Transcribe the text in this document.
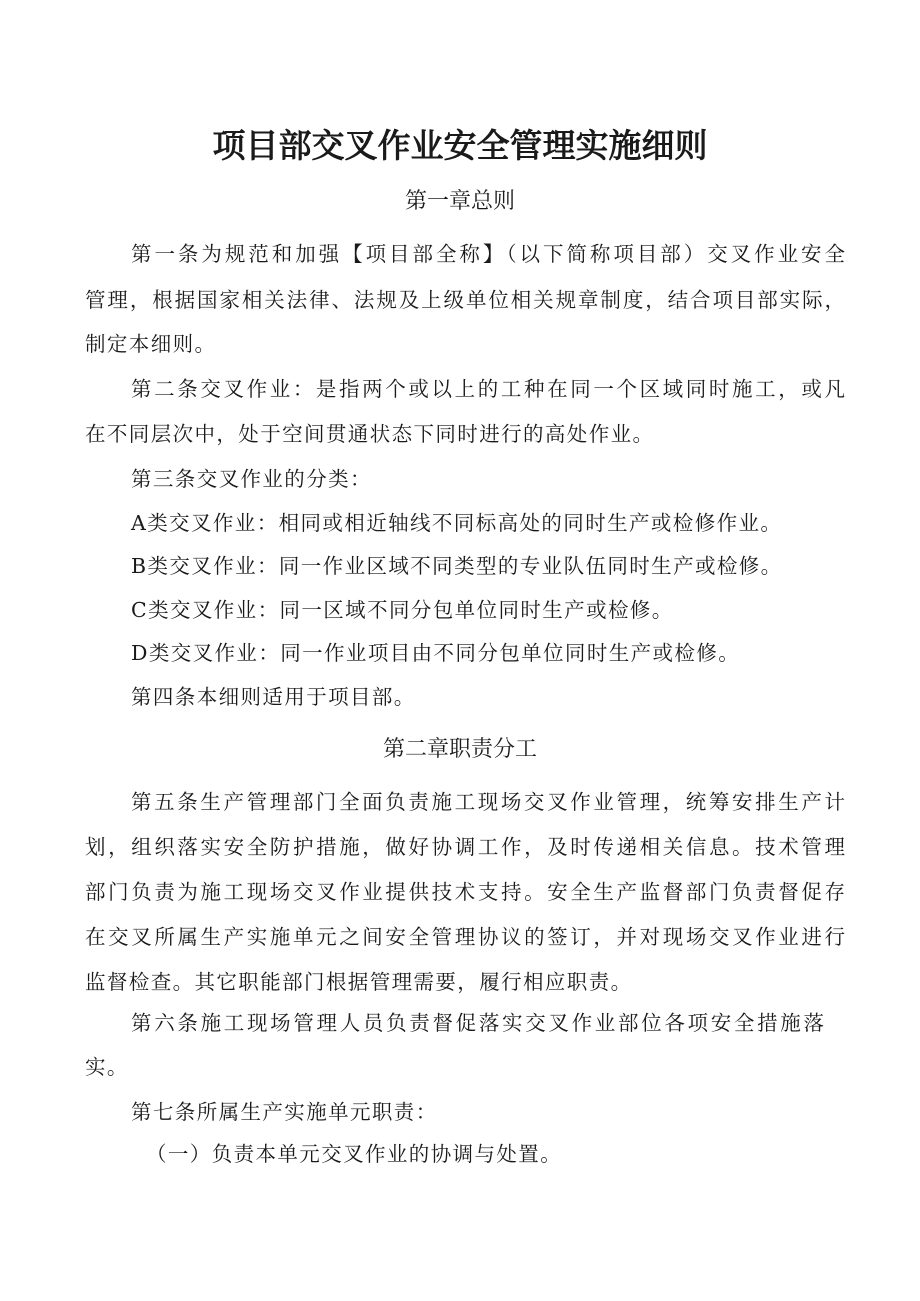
项目部交叉作业安全管理实施细则
第一章总则
第一条为规范和加强【项目部全称】（以下简称项目部）交叉作业安全
管理，根据国家相关法律、法规及上级单位相关规章制度，结合项目部实际，
制定本细则。
第二条交叉作业：是指两个或以上的工种在同一个区域同时施工，或凡
在不同层次中，处于空间贯通状态下同时进行的高处作业。
第三条交叉作业的分类：
A类交叉作业：相同或相近轴线不同标高处的同时生产或检修作业。
B类交叉作业：同一作业区域不同类型的专业队伍同时生产或检修。
C类交叉作业：同一区域不同分包单位同时生产或检修。
D类交叉作业：同一作业项目由不同分包单位同时生产或检修。
第四条本细则适用于项目部。
第二章职责分工
第五条生产管理部门全面负责施工现场交叉作业管理，统筹安排生产计
划，组织落实安全防护措施，做好协调工作，及时传递相关信息。技术管理
部门负责为施工现场交叉作业提供技术支持。安全生产监督部门负责督促存
在交叉所属生产实施单元之间安全管理协议的签订，并对现场交叉作业进行
监督检查。其它职能部门根据管理需要，履行相应职责。
第六条施工现场管理人员负责督促落实交叉作业部位各项安全措施落
实。
第七条所属生产实施单元职责：
（一）负责本单元交叉作业的协调与处置。
